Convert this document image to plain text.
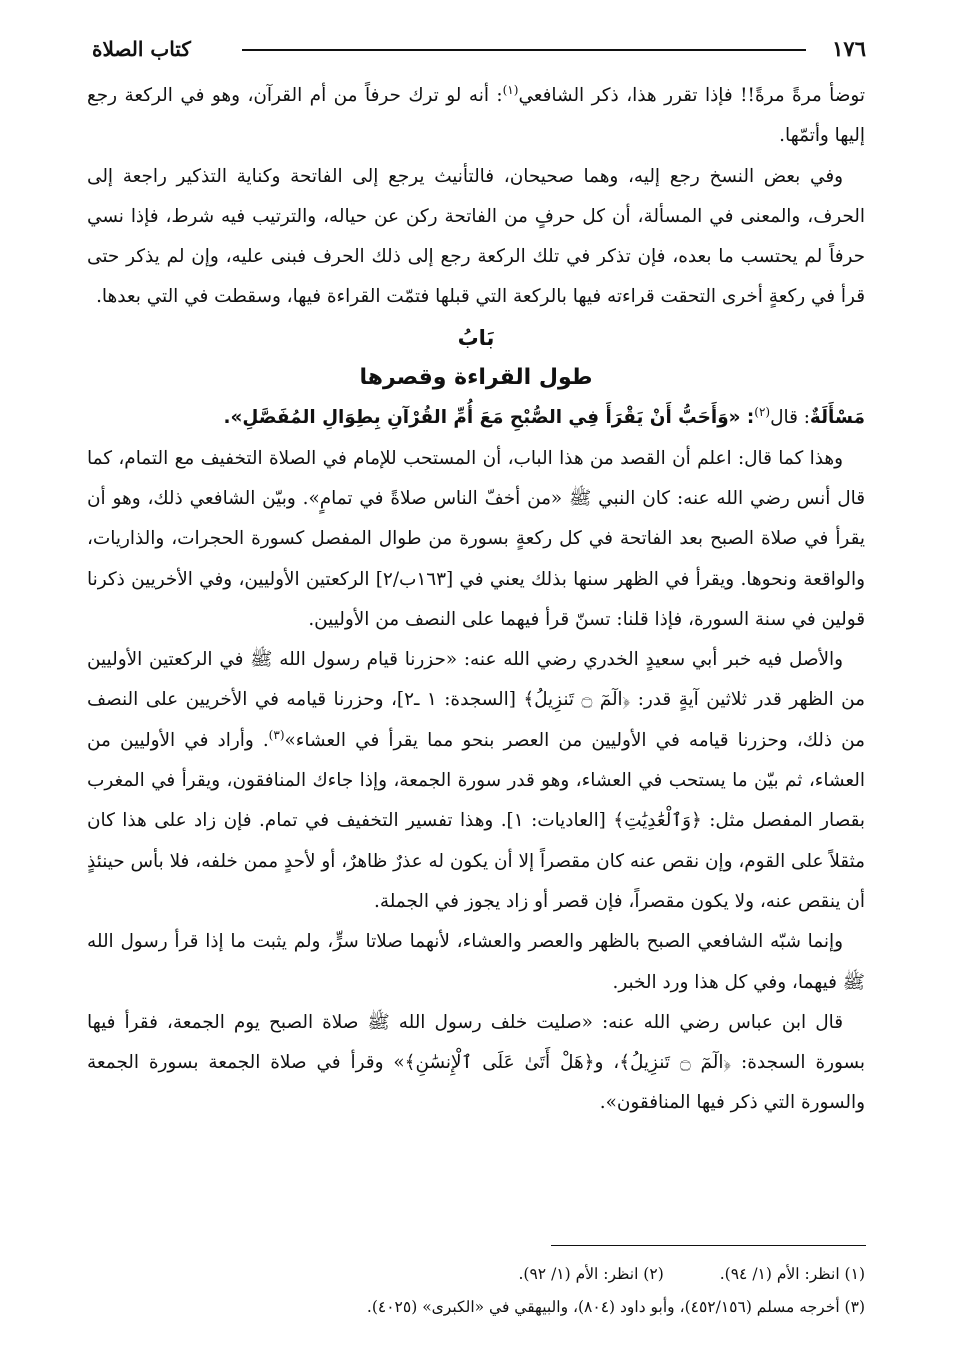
١٧٦
كتاب الصلاة

توضأ مرةً مرةً!! فإذا تقرر هذا، ذكر الشافعي$^{(١)}$: أنه لو ترك حرفاً من أم القرآن، وهو في الركعة رجع إليها وأتمّها.

وفي بعض النسخ رجع إليه، وهما صحيحان، فالتأنيث يرجع إلى الفاتحة وكناية التذكير راجعة إلى الحرف، والمعنى في المسألة، أن كل حرفٍ من الفاتحة ركن عن حياله، والترتيب فيه شرط، فإذا نسي حرفاً لم يحتسب ما بعده، فإن تذكر في تلك الركعة رجع إلى ذلك الحرف فبنى عليه، وإن لم يذكر حتى قرأ في ركعةٍ أخرى التحقت قراءته فيها بالركعة التي قبلها فتمّت القراءة فيها، وسقطت في التي بعدها.

بَابُ

طول القراءة وقصرها

مَسْأَلَةٌ: قال$^{(٢)}$: «وَأَحَبُّ أَنْ يَقْرَأَ فِي الصُّبْحِ مَعَ أُمِّ القُرْآنِ بِطِوَالِ المُفَصَّلِ».

وهذا كما قال: اعلم أن القصد من هذا الباب، أن المستحب للإمام في الصلاة التخفيف مع التمام، كما قال أنس رضي الله عنه: كان النبي ﷺ «من أخفّ الناس صلاةً في تمامٍ». وبيّن الشافعي ذلك، وهو أن يقرأ في صلاة الصبح بعد الفاتحة في كل ركعةٍ بسورة من طوال المفصل كسورة الحجرات، والذاريات، والواقعة ونحوها. ويقرأ في الظهر سنها بذلك يعني في [١٦٣ب/٢] الركعتين الأوليين، وفي الأخريين ذكرنا قولين في سنة السورة، فإذا قلنا: تسنّ قرأ فيهما على النصف من الأوليين.

والأصل فيه خبر أبي سعيدٍ الخدري رضي الله عنه: «حزرنا قيام رسول الله ﷺ في الركعتين الأوليين من الظهر قدر ثلاثين آيةٍ قدر: ﴿الٓمٓ ۝ تَنزِيلُ﴾ [السجدة: ١ ـ٢]، وحزرنا قيامه في الأخريين على النصف من ذلك، وحزرنا قيامه في الأوليين من العصر بنحو مما يقرأ في العشاء»$^{(٣)}$. وأراد في الأوليين من العشاء، ثم بيّن ما يستحب في العشاء، وهو قدر سورة الجمعة، وإذا جاءك المنافقون، ويقرأ في المغرب بقصار المفصل مثل: ﴿وَٱلْعَٰدِيَٰتِ﴾ [العاديات: ١]. وهذا تفسير التخفيف في تمام. فإن زاد على هذا كان مثقلاً على القوم، وإن نقص عنه كان مقصراً إلا أن يكون له عذرٌ ظاهرٌ، أو لأحدٍ ممن خلفه، فلا بأس حينئذٍ أن ينقص عنه، ولا يكون مقصراً، فإن قصر أو زاد يجوز في الجملة.

وإنما شبّه الشافعي الصبح بالظهر والعصر والعشاء، لأنهما صلاتا سرٍّ، ولم يثبت ما إذا قرأ رسول الله ﷺ فيهما، وفي كل هذا ورد الخبر.

قال ابن عباس رضي الله عنه: «صليت خلف رسول الله ﷺ صلاة الصبح يوم الجمعة، فقرأ فيها بسورة السجدة: ﴿الٓمٓ ۝ تَنزِيلُ﴾، و﴿هَلْ أَتَىٰ عَلَى ٱلْإِنسَٰنِ﴾» وقرأ في صلاة الجمعة بسورة الجمعة والسورة التي ذكر فيها المنافقون».

(١) انظر: الأم (١/ ٩٤).(٢) انظر: الأم (١/ ٩٢).
(٣) أخرجه مسلم (٤٥٢/١٥٦)، وأبو داود (٨٠٤)، والبيهقي في «الكبرى» (٤٠٢٥).
